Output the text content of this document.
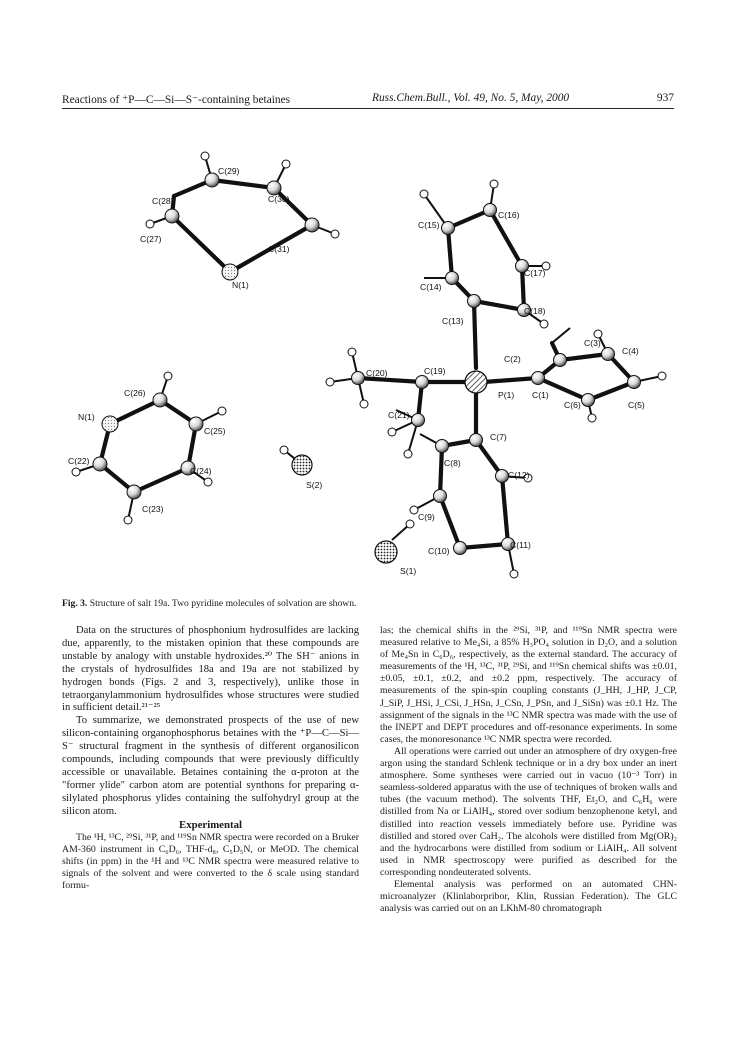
Reactions of ⁺P—C—Si—S⁻-containing betaines	Russ.Chem.Bull., Vol. 49, No. 5, May, 2000	937
C(29)
C(28)	C(30)
C(31)
C(27)
N(1)
C(26)
N(1)
C(25)
C(22)
C(24)
C(23)
S(2)
C(15)
C(16)
C(17)
C(14)
C(18)
C(13)
C(3)
C(4)
C(2)
C(20)	C(19)
P(1) C(1)
C(6)	C(5)
C(21)
C(7)
C(8)
C(12)
C(9)
C(10)
C(11)
S(1)
Fig. 3. Structure of salt 19a. Two pyridine molecules of solvation are shown.

Data on the structures of phosphonium hydrosulfides are lacking due, apparently, to the mistaken opinion that these compounds are unstable by analogy with unstable hydroxides.²⁰ The SH⁻ anions in the crystals of hydrosulfides 18a and 19a are not stabilized by hydrogen bonds (Figs. 2 and 3, respectively), unlike those in tetraorganylammonium hydrosulfides whose structures were studied in sufficient detail.²¹⁻²⁵

To summarize, we demonstrated prospects of the use of new silicon-containing organophosphorus betaines with the ⁺P—C—Si—S⁻ structural fragment in the synthesis of different organosilicon compounds, including compounds that were previously difficultly accessible or unavailable. Betaines containing the α-proton at the "former ylide" carbon atom are potential synthons for preparing α-silylated phosphorus ylides containing the sulfohydryl group at the silicon atom.

Experimental

The ¹H, ¹³C, ²⁹Si, ³¹P, and ¹¹⁹Sn NMR spectra were recorded on a Bruker AM-360 instrument in C₆D₆, THF-d₈, C₅D₅N, or MeOD. The chemical shifts (in ppm) in the ¹H and ¹³C NMR spectra were measured relative to signals of the solvent and were converted to the δ scale using standard formu-

las; the chemical shifts in the ²⁹Si, ³¹P, and ¹¹⁹Sn NMR spectra were measured relative to Me₄Si, a 85% H₃PO₄ solution in D₂O, and a solution of Me₄Sn in C₆D₆, respectively, as the external standard. The accuracy of measurements of the ¹H, ¹³C, ³¹P, ²⁹Si, and ¹¹⁹Sn chemical shifts was ±0.01, ±0.05, ±0.1, ±0.2, and ±0.2 ppm, respectively. The accuracy of measurements of the spin-spin coupling constants (J_HH, J_HP, J_CP, J_SiP, J_HSi, J_CSi, J_HSn, J_CSn, J_PSn, and J_SiSn) was ±0.1 Hz. The assignment of the signals in the ¹³C NMR spectra was made with the use of the INEPT and DEPT procedures and off-resonance experiments. In some cases, the monoresonance ¹³C NMR spectra were recorded.

All operations were carried out under an atmosphere of dry oxygen-free argon using the standard Schlenk technique or in a dry box under an inert atmosphere. Some syntheses were carried out in vacuo (10⁻³ Torr) in seamless-soldered apparatus with the use of techniques of broken walls and tubes (the vacuum method). The solvents THF, Et₂O, and C₆H₆ were distilled from Na or LiAlH₄, stored over sodium benzophenone ketyl, and distilled into reaction vessels immediately before use. Pyridine was distilled and stored over CaH₂. The alcohols were distilled from Mg(OR)₂ and the hydrocarbons were distilled from sodium or LiAlH₄. All solvent used in NMR spectroscopy were purified as described for the corresponding nondeuterated solvents.

Elemental analysis was performed on an automated CHN-microanalyzer (Klinlaborpribor, Klin, Russian Federation). The GLC analysis was carried out on an LKhM-80 chromatograph
